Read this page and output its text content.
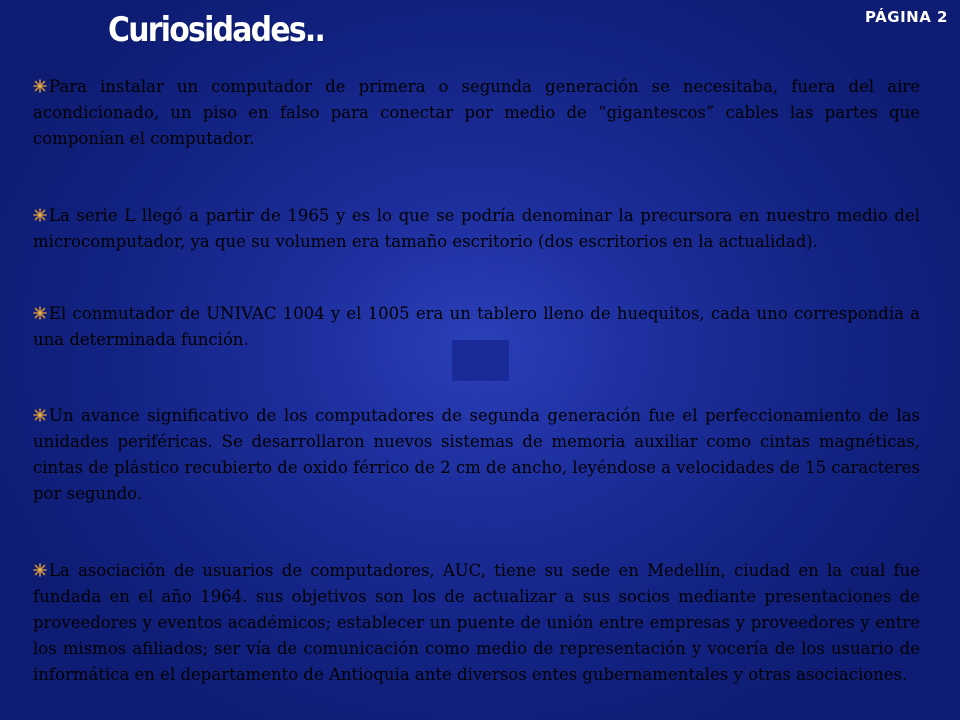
Curiosidades..	PÁGINA 2
Para instalar un computador de primera o segunda generación se necesitaba, fuera del aire acondicionado, un piso en falso para conectar por medio de “gigantescos” cables las partes que componían el computador.
La serie L llegó a partir de 1965 y es lo que se podría denominar la precursora en nuestro medio del microcomputador, ya que su volumen era tamaño escritorio (dos escritorios en la actualidad).
El conmutador de UNIVAC 1004 y el 1005 era un tablero lleno de huequitos, cada uno correspondía a una determinada función.
Un avance significativo de los computadores de segunda generación fue el perfeccionamiento de las unidades periféricas. Se desarrollaron nuevos sistemas de memoria auxiliar como cintas magnéticas, cintas de plástico recubierto de oxido férrico de 2 cm de ancho, leyéndose a velocidades de 15 caracteres por segundo.
La asociación de usuarios de computadores, AUC, tiene su sede en Medellín, ciudad en la cual fue fundada en el año 1964. sus objetivos son los de actualizar a sus socios mediante presentaciones de proveedores y eventos académicos; establecer un puente de unión entre empresas y proveedores y entre los mismos afiliados; ser vía de comunicación como medio de representación y vocería de los usuario de informática en el departamento de Antioquia ante diversos entes gubernamentales y otras asociaciones.
